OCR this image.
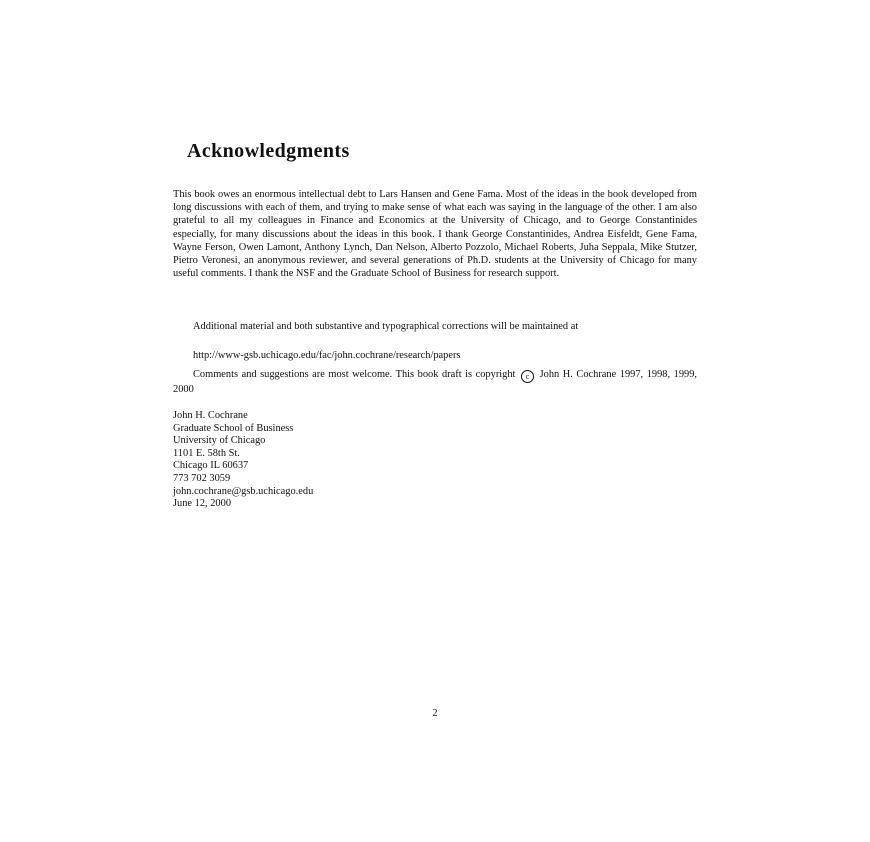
Acknowledgments

This book owes an enormous intellectual debt to Lars Hansen and Gene Fama. Most of the ideas in the book developed from long discussions with each of them, and trying to make sense of what each was saying in the language of the other. I am also grateful to all my colleagues in Finance and Economics at the University of Chicago, and to George Constantinides especially, for many discussions about the ideas in this book. I thank George Constantinides, Andrea Eisfeldt, Gene Fama, Wayne Ferson, Owen Lamont, Anthony Lynch, Dan Nelson, Alberto Pozzolo, Michael Roberts, Juha Seppala, Mike Stutzer, Pietro Veronesi, an anonymous reviewer, and several generations of Ph.D. students at the University of Chicago for many useful comments. I thank the NSF and the Graduate School of Business for research support.

Additional material and both substantive and typographical corrections will be maintained at

http://www-gsb.uchicago.edu/fac/john.cochrane/research/papers

Comments and suggestions are most welcome. This book draft is copyright c John H. Cochrane 1997, 1998, 1999, 2000

John H. Cochrane
Graduate School of Business
University of Chicago
1101 E. 58th St.
Chicago IL 60637
773 702 3059
john.cochrane@gsb.uchicago.edu
June 12, 2000
2
